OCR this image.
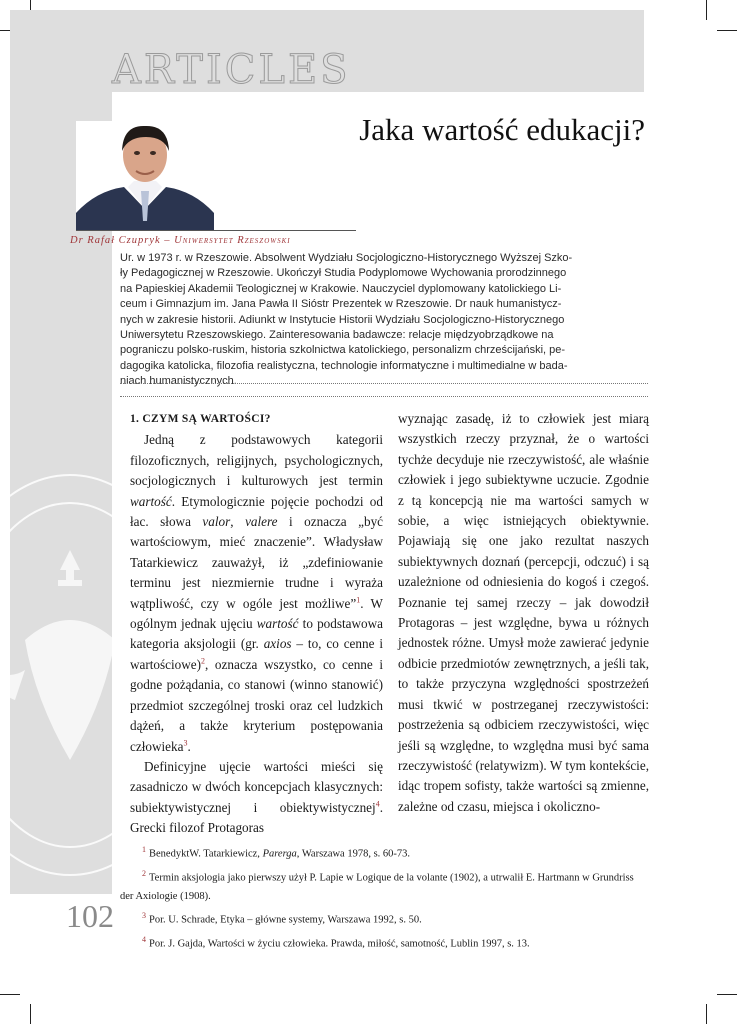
ARTICLES
Jaka wartość edukacji?
Dr Rafał Czupryk – Uniwersytet Rzeszowski
Ur. w 1973 r. w Rzeszowie. Absolwent Wydziału Socjologiczno-Historycznego Wyższej Szko-
ły Pedagogicznej w Rzeszowie. Ukończył Studia Podyplomowe Wychowania prorodzinnego
na Papieskiej Akademii Teologicznej w Krakowie. Nauczyciel dyplomowany katolickiego Li-
ceum i Gimnazjum im. Jana Pawła II Sióstr Prezentek w Rzeszowie. Dr nauk humanistycz-
nych w zakresie historii. Adiunkt w Instytucie Historii Wydziału Socjologiczno-Historycznego
Uniwersytetu Rzeszowskiego. Zainteresowania badawcze: relacje międzyobrządkowe na
pograniczu polsko-ruskim, historia szkolnictwa katolickiego, personalizm chrześcijański, pe-
dagogika katolicka, filozofia realistyczna, technologie informatyczne i multimedialne w bada-
niach humanistycznych.

1. CZYM SĄ WARTOŚCI?

Jedną z podstawowych kategorii filozoficznych, religijnych, psychologicznych, socjologicznych i kulturowych jest termin wartość. Etymologicznie pojęcie pochodzi od łac. słowa valor, valere i oznacza „być wartościowym, mieć znaczenie”. Władysław Tatarkiewicz zauważył, iż „zdefiniowanie terminu jest niezmiernie trudne i wyraża wątpliwość, czy w ogóle jest możliwe”$^1$. W ogólnym jednak ujęciu wartość to podstawowa kategoria aksjologii (gr. axios – to, co cenne i wartościowe)$^2$, oznacza wszystko, co cenne i godne pożądania, co stanowi (winno stanowić) przedmiot szczególnej troski oraz cel ludzkich dążeń, a także kryterium postępowania człowieka$^3$.

Definicyjne ujęcie wartości mieści się zasadniczo w dwóch koncepcjach klasycznych: subiektywistycznej i obiektywistycznej$^4$. Grecki filozof Protagoras

wyznając zasadę, iż to człowiek jest miarą wszystkich rzeczy przyznał, że o wartości tychże decyduje nie rzeczywistość, ale właśnie człowiek i jego subiektywne uczucie. Zgodnie z tą koncepcją nie ma wartości samych w sobie, a więc istniejących obiektywnie. Pojawiają się one jako rezultat naszych subiektywnych doznań (percepcji, odczuć) i są uzależnione od odniesienia do kogoś i czegoś. Poznanie tej samej rzeczy – jak dowodził Protagoras – jest względne, bywa u różnych jednostek różne. Umysł może zawierać jedynie odbicie przedmiotów zewnętrznych, a jeśli tak, to także przyczyna względności spostrzeżeń musi tkwić w postrzeganej rzeczywistości: postrzeżenia są odbiciem rzeczywistości, więc jeśli są względne, to względna musi być sama rzeczywistość (relatywizm). W tym kontekście, idąc tropem sofisty, także wartości są zmienne, zależne od czasu, miejsca i okoliczno-

$^1$ BenedyktW. Tatarkiewicz, Parerga, Warszawa 1978, s. 60-73.

$^2$ Termin aksjologia jako pierwszy użył P. Lapie w Logique de la volante (1902), a utrwalił E. Hartmann w Grundriss der Axiologie (1908).

$^3$ Por. U. Schrade, Etyka – główne systemy, Warszawa 1992, s. 50.

$^4$ Por. J. Gajda, Wartości w życiu człowieka. Prawda, miłość, samotność, Lublin 1997, s. 13.

102
